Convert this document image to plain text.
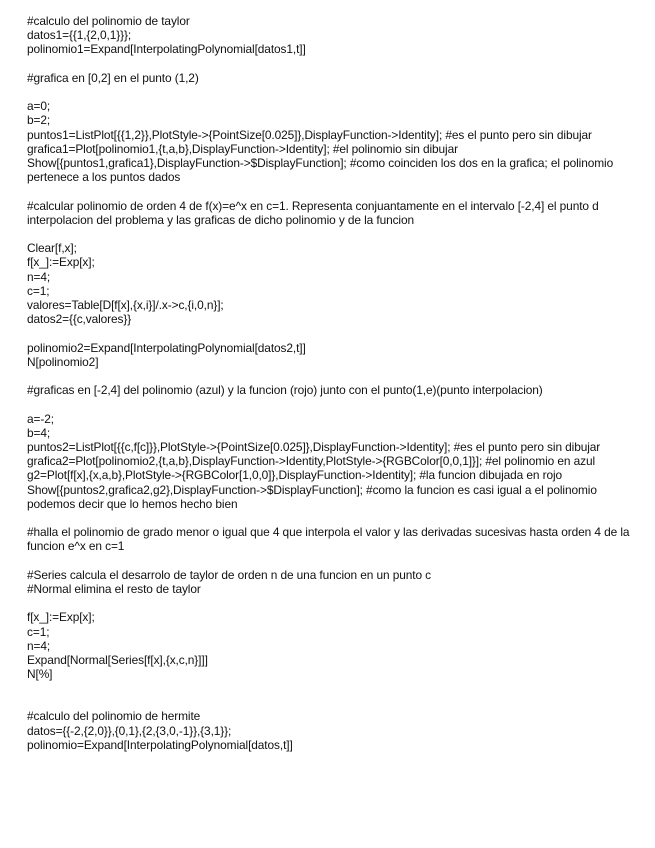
#calculo del polinomio de taylor
datos1={{1,{2,0,1}}};
polinomio1=Expand[InterpolatingPolynomial[datos1,t]]
#grafica en [0,2] en el punto (1,2)
a=0;
b=2;
puntos1=ListPlot[{{1,2}},PlotStyle->{PointSize[0.025]},DisplayFunction->Identity]; #es el punto pero sin dibujar
grafica1=Plot[polinomio1,{t,a,b},DisplayFunction->Identity]; #el polinomio sin dibujar
Show[{puntos1,grafica1},DisplayFunction->$DisplayFunction]; #como coinciden los dos en la grafica; el polinomio pertenece a los puntos dados
#calcular polinomio de orden 4 de f(x)=e^x en c=1. Representa conjuantamente en el intervalo [-2,4] el punto d interpolacion del problema y las graficas de dicho polinomio y de la funcion
Clear[f,x];
f[x_]:=Exp[x];
n=4;
c=1;
valores=Table[D[f[x],{x,i}]/.x->c,{i,0,n}];
datos2={{c,valores}}
polinomio2=Expand[InterpolatingPolynomial[datos2,t]]
N[polinomio2]
#graficas en [-2,4] del polinomio (azul) y la funcion (rojo) junto con el punto(1,e)(punto interpolacion)
a=-2;
b=4;
puntos2=ListPlot[{{c,f[c]}},PlotStyle->{PointSize[0.025]},DisplayFunction->Identity]; #es el punto pero sin dibujar
grafica2=Plot[polinomio2,{t,a,b},DisplayFunction->Identity,PlotStyle->{RGBColor[0,0,1]}]; #el polinomio en azul
g2=Plot[f[x],{x,a,b},PlotStyle->{RGBColor[1,0,0]},DisplayFunction->Identity]; #la funcion dibujada en rojo
Show[{puntos2,grafica2,g2},DisplayFunction->$DisplayFunction]; #como la funcion es casi igual a el polinomio podemos decir que lo hemos hecho bien
#halla el polinomio de grado menor o igual que 4 que interpola el valor y las derivadas sucesivas hasta orden 4 de la funcion e^x en c=1
#Series calcula el desarrolo de taylor de orden n de una funcion en un punto c
#Normal elimina el resto de taylor
f[x_]:=Exp[x];
c=1;
n=4;
Expand[Normal[Series[f[x],{x,c,n}]]]
N[%]
#calculo del polinomio de hermite
datos={{-2,{2,0}},{0,1},{2,{3,0,-1}},{3,1}};
polinomio=Expand[InterpolatingPolynomial[datos,t]]
